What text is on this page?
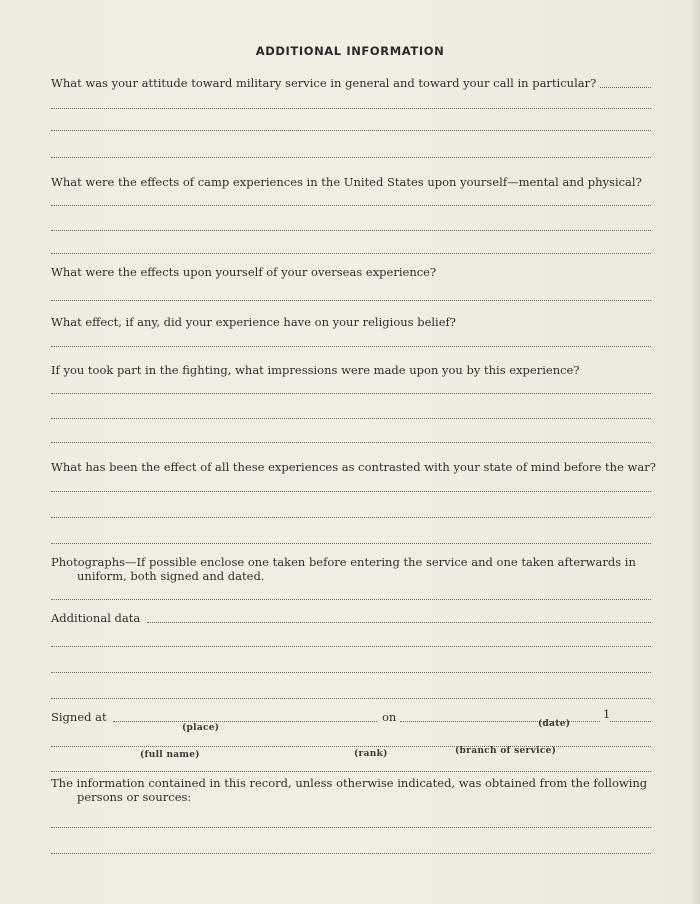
ADDITIONAL INFORMATION
What was your attitude toward military service in general and toward your call in particular?
What were the effects of camp experiences in the United States upon yourself—mental and physical?
What were the effects upon yourself of your overseas experience?
What effect, if any, did your experience have on your religious belief?
If you took part in the fighting, what impressions were made upon you by this experience?
What has been the effect of all these experiences as contrasted with your state of mind before the war?
Photographs—If possible enclose one taken before entering the service and one taken afterwards in
uniform, both signed and dated.
Additional data
Signed at	on	1
(place)	(date)
(full name)	(rank)	(branch of service)
The information contained in this record, unless otherwise indicated, was obtained from the following
persons or sources:
